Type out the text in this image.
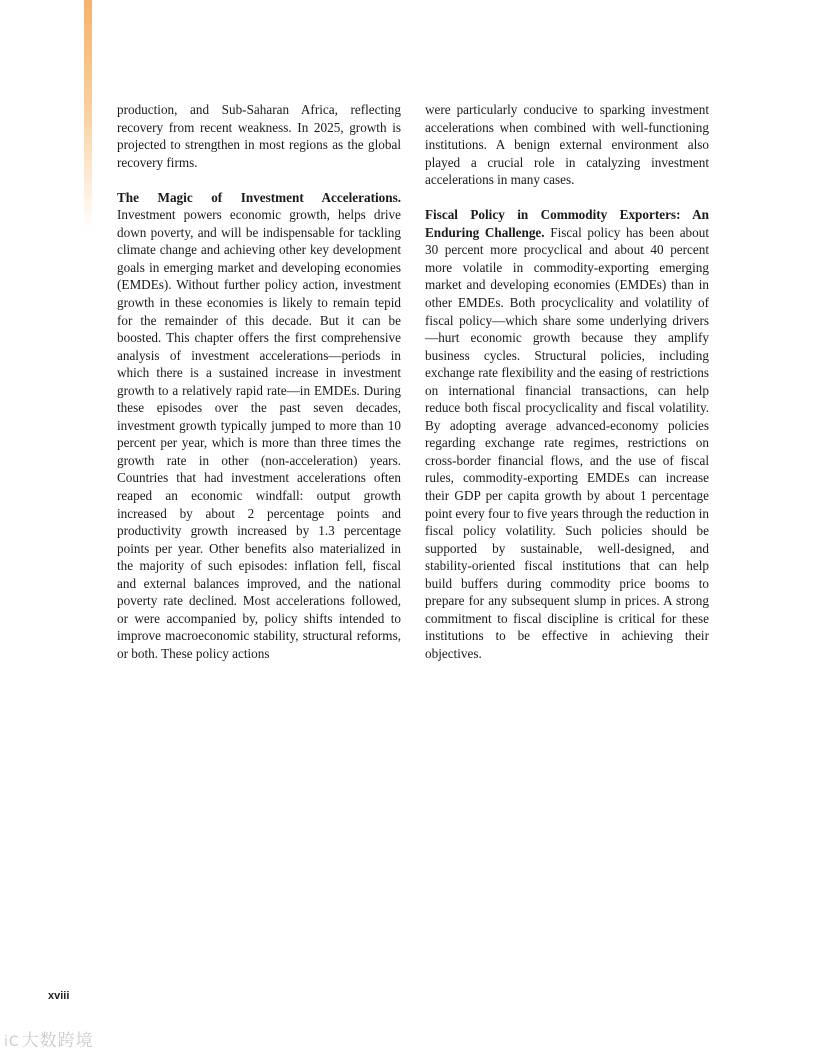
production, and Sub-Saharan Africa, reflecting recovery from recent weakness. In 2025, growth is projected to strengthen in most regions as the global recovery firms.

The Magic of Investment Accelerations. Investment powers economic growth, helps drive down poverty, and will be indispensable for tackling climate change and achieving other key development goals in emerging market and developing economies (EMDEs). Without further policy action, investment growth in these economies is likely to remain tepid for the remainder of this decade. But it can be boosted. This chapter offers the first comprehensive analysis of investment accelerations—periods in which there is a sustained increase in investment growth to a relatively rapid rate—in EMDEs. During these episodes over the past seven decades, investment growth typically jumped to more than 10 percent per year, which is more than three times the growth rate in other (non-acceleration) years. Countries that had investment accelerations often reaped an economic windfall: output growth increased by about 2 percentage points and productivity growth increased by 1.3 percentage points per year. Other benefits also materialized in the majority of such episodes: inflation fell, fiscal and external balances improved, and the national poverty rate declined. Most accelerations followed, or were accompanied by, policy shifts intended to improve macroeconomic stability, structural reforms, or both. These policy actions

were particularly conducive to sparking investment accelerations when combined with well-functioning institutions. A benign external environment also played a crucial role in catalyzing investment accelerations in many cases.

Fiscal Policy in Commodity Exporters: An Enduring Challenge. Fiscal policy has been about 30 percent more procyclical and about 40 percent more volatile in commodity-exporting emerging market and developing economies (EMDEs) than in other EMDEs. Both procyclicality and volatility of fiscal policy—which share some underlying drivers—hurt economic growth because they amplify business cycles. Structural policies, including exchange rate flexibility and the easing of restrictions on international financial transactions, can help reduce both fiscal procyclicality and fiscal volatility. By adopting average advanced-economy policies regarding exchange rate regimes, restrictions on cross-border financial flows, and the use of fiscal rules, commodity-exporting EMDEs can increase their GDP per capita growth by about 1 percentage point every four to five years through the reduction in fiscal policy volatility. Such policies should be supported by sustainable, well-designed, and stability-oriented fiscal institutions that can help build buffers during commodity price booms to prepare for any subsequent slump in prices. A strong commitment to fiscal discipline is critical for these institutions to be effective in achieving their objectives.

xviii
iC 大数跨境
